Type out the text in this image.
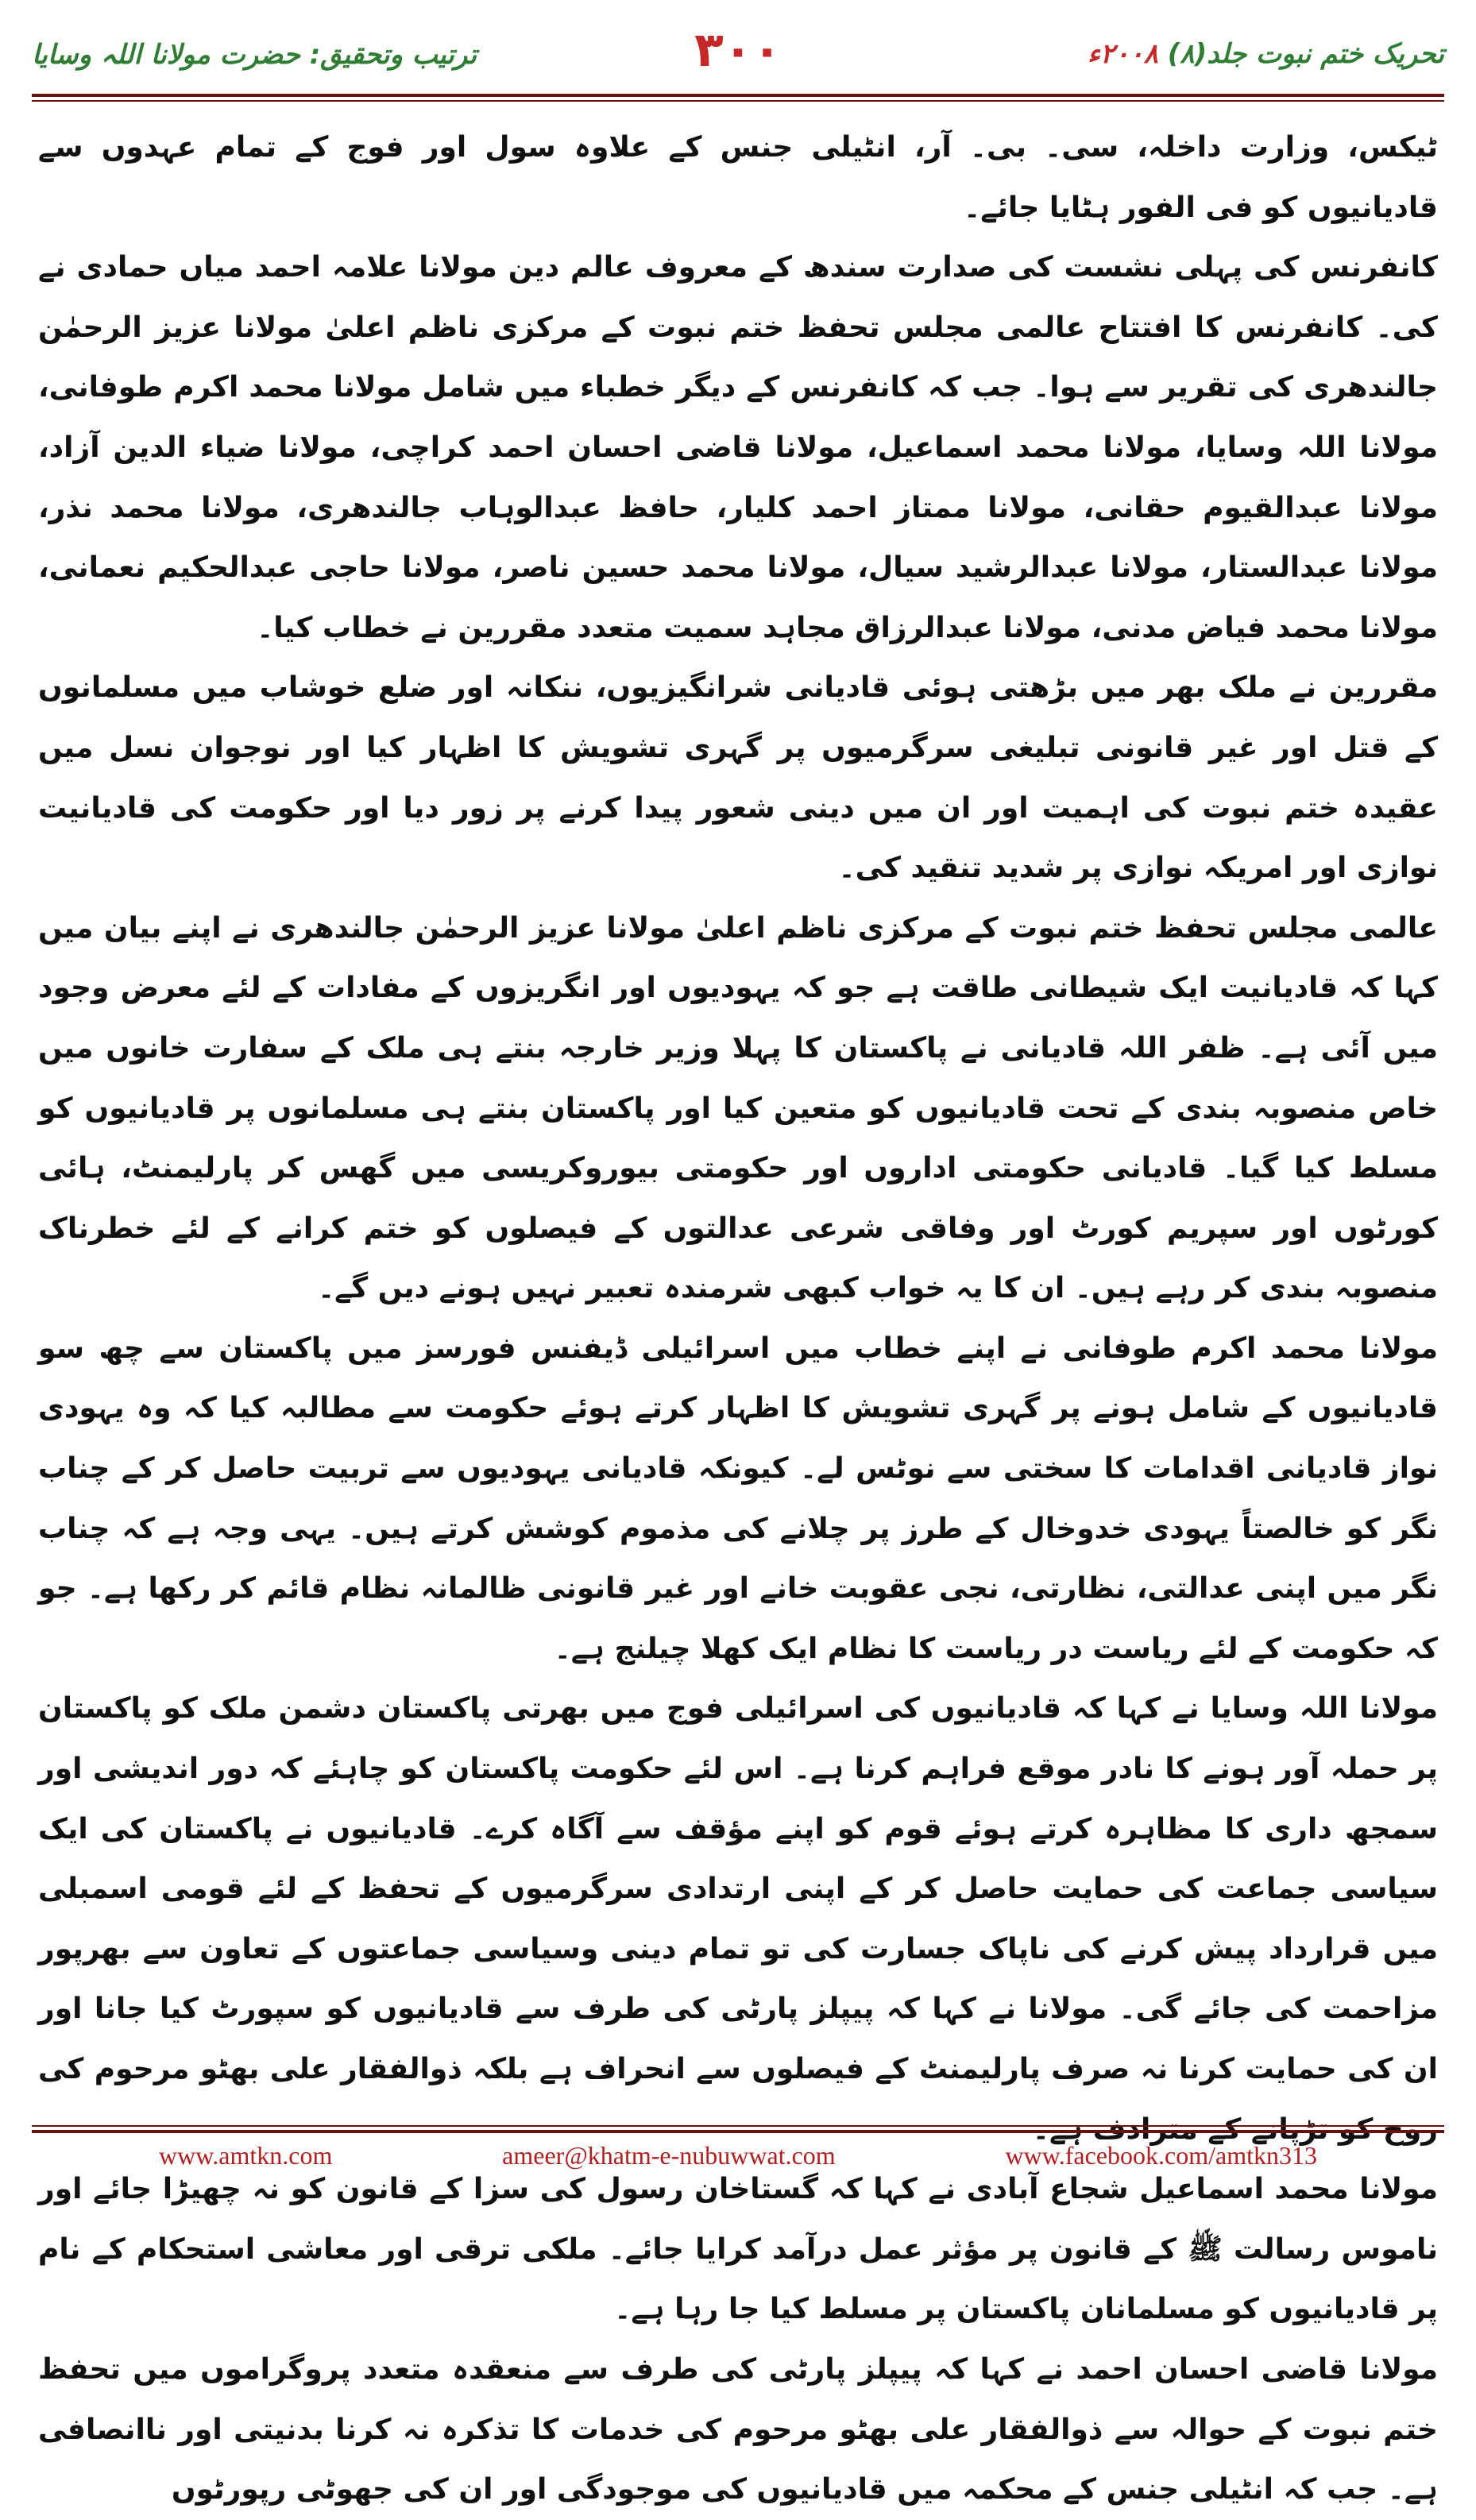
تحریک ختم نبوت جلد(۸) ۲۰۰۸ء
۳۰۰
ترتیب وتحقیق: حضرت مولانا اللہ وسایا

ٹیکس، وزارت داخلہ، سی۔ بی۔ آر، انٹیلی جنس کے علاوہ سول اور فوج کے تمام عہدوں سے قادیانیوں کو فی الفور ہٹایا جائے۔

کانفرنس کی پہلی نشست کی صدارت سندھ کے معروف عالم دین مولانا علامہ احمد میاں حمادی نے کی۔ کانفرنس کا افتتاح عالمی مجلس تحفظ ختم نبوت کے مرکزی ناظم اعلیٰ مولانا عزیز الرحمٰن جالندھری کی تقریر سے ہوا۔ جب کہ کانفرنس کے دیگر خطباء میں شامل مولانا محمد اکرم طوفانی، مولانا اللہ وسایا، مولانا محمد اسماعیل، مولانا قاضی احسان احمد کراچی، مولانا ضیاء الدین آزاد، مولانا عبدالقیوم حقانی، مولانا ممتاز احمد کلیار، حافظ عبدالوہاب جالندھری، مولانا محمد نذر، مولانا عبدالستار، مولانا عبدالرشید سیال، مولانا محمد حسین ناصر، مولانا حاجی عبدالحکیم نعمانی، مولانا محمد فیاض مدنی، مولانا عبدالرزاق مجاہد سمیت متعدد مقررین نے خطاب کیا۔

مقررین نے ملک بھر میں بڑھتی ہوئی قادیانی شرانگیزیوں، ننکانہ اور ضلع خوشاب میں مسلمانوں کے قتل اور غیر قانونی تبلیغی سرگرمیوں پر گہری تشویش کا اظہار کیا اور نوجوان نسل میں عقیدہ ختم نبوت کی اہمیت اور ان میں دینی شعور پیدا کرنے پر زور دیا اور حکومت کی قادیانیت نوازی اور امریکہ نوازی پر شدید تنقید کی۔

عالمی مجلس تحفظ ختم نبوت کے مرکزی ناظم اعلیٰ مولانا عزیز الرحمٰن جالندھری نے اپنے بیان میں کہا کہ قادیانیت ایک شیطانی طاقت ہے جو کہ یہودیوں اور انگریزوں کے مفادات کے لئے معرض وجود میں آئی ہے۔ ظفر اللہ قادیانی نے پاکستان کا پہلا وزیر خارجہ بنتے ہی ملک کے سفارت خانوں میں خاص منصوبہ بندی کے تحت قادیانیوں کو متعین کیا اور پاکستان بنتے ہی مسلمانوں پر قادیانیوں کو مسلط کیا گیا۔ قادیانی حکومتی اداروں اور حکومتی بیوروکریسی میں گھس کر پارلیمنٹ، ہائی کورٹوں اور سپریم کورٹ اور وفاقی شرعی عدالتوں کے فیصلوں کو ختم کرانے کے لئے خطرناک منصوبہ بندی کر رہے ہیں۔ ان کا یہ خواب کبھی شرمندہ تعبیر نہیں ہونے دیں گے۔

مولانا محمد اکرم طوفانی نے اپنے خطاب میں اسرائیلی ڈیفنس فورسز میں پاکستان سے چھ سو قادیانیوں کے شامل ہونے پر گہری تشویش کا اظہار کرتے ہوئے حکومت سے مطالبہ کیا کہ وہ یہودی نواز قادیانی اقدامات کا سختی سے نوٹس لے۔ کیونکہ قادیانی یہودیوں سے تربیت حاصل کر کے چناب نگر کو خالصتاً یہودی خدوخال کے طرز پر چلانے کی مذموم کوشش کرتے ہیں۔ یہی وجہ ہے کہ چناب نگر میں اپنی عدالتی، نظارتی، نجی عقوبت خانے اور غیر قانونی ظالمانہ نظام قائم کر رکھا ہے۔ جو کہ حکومت کے لئے ریاست در ریاست کا نظام ایک کھلا چیلنج ہے۔

مولانا اللہ وسایا نے کہا کہ قادیانیوں کی اسرائیلی فوج میں بھرتی پاکستان دشمن ملک کو پاکستان پر حملہ آور ہونے کا نادر موقع فراہم کرنا ہے۔ اس لئے حکومت پاکستان کو چاہئے کہ دور اندیشی اور سمجھ داری کا مظاہرہ کرتے ہوئے قوم کو اپنے مؤقف سے آگاہ کرے۔ قادیانیوں نے پاکستان کی ایک سیاسی جماعت کی حمایت حاصل کر کے اپنی ارتدادی سرگرمیوں کے تحفظ کے لئے قومی اسمبلی میں قرارداد پیش کرنے کی ناپاک جسارت کی تو تمام دینی وسیاسی جماعتوں کے تعاون سے بھرپور مزاحمت کی جائے گی۔ مولانا نے کہا کہ پیپلز پارٹی کی طرف سے قادیانیوں کو سپورٹ کیا جانا اور ان کی حمایت کرنا نہ صرف پارلیمنٹ کے فیصلوں سے انحراف ہے بلکہ ذوالفقار علی بھٹو مرحوم کی

مولانا محمد اسماعیل شجاع آبادی نے کہا کہ گستاخان رسول کی سزا کے قانون کو نہ چھیڑا جائے اور ناموس رسالت ﷺ کے قانون پر مؤثر عمل درآمد کرایا جائے۔ ملکی ترقی اور معاشی استحکام کے نام پر قادیانیوں کو مسلمانان پاکستان پر مسلط کیا جا رہا ہے۔

مولانا قاضی احسان احمد نے کہا کہ پیپلز پارٹی کی طرف سے منعقدہ متعدد پروگراموں میں تحفظ ختم نبوت کے حوالہ سے ذوالفقار علی بھٹو مرحوم کی خدمات کا تذکرہ نہ کرنا بدنیتی اور ناانصافی ہے۔ جب کہ انٹیلی جنس کے محکمہ میں قادیانیوں کی موجودگی اور ان کی جھوٹی رپورٹوں

www.amtkn.com	ameer@khatm-e-nubuwwat.com	www.facebook.com/amtkn313
